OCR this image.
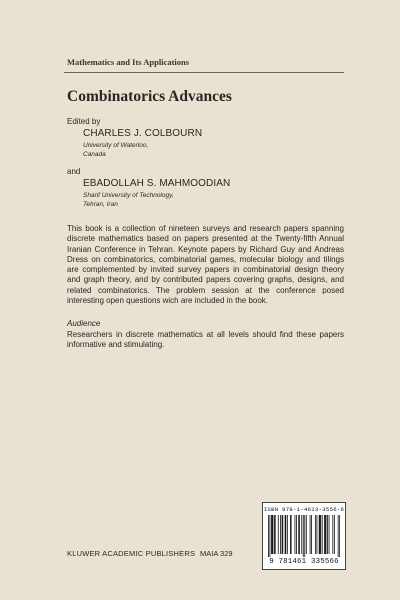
Mathematics and Its Applications
Combinatorics Advances
Edited by
CHARLES J. COLBOURN
University of Waterloo,
Canada
and
EBADOLLAH S. MAHMOODIAN
Sharif University of Technology,
Tehran, Iran

This book is a collection of nineteen surveys and research papers spanning discrete mathematics based on papers presented at the Twenty-fifth Annual Iranian Conference in Tehran. Keynote papers by Richard Guy and Andreas Dress on combinatorics, combinatorial games, molecular biology and tilings are complemented by invited survey papers in combinatorial design theory and graph theory, and by contributed papers covering graphs, designs, and related combinatorics. The problem session at the conference posed interesting open questions wich are included in the book.

Audience

Researchers in discrete mathematics at all levels should find these papers informative and stimulating.

KLUWER ACADEMIC PUBLISHERS MAIA 329
ISBN 978-1-4613-3556-6
9 781461 335566
